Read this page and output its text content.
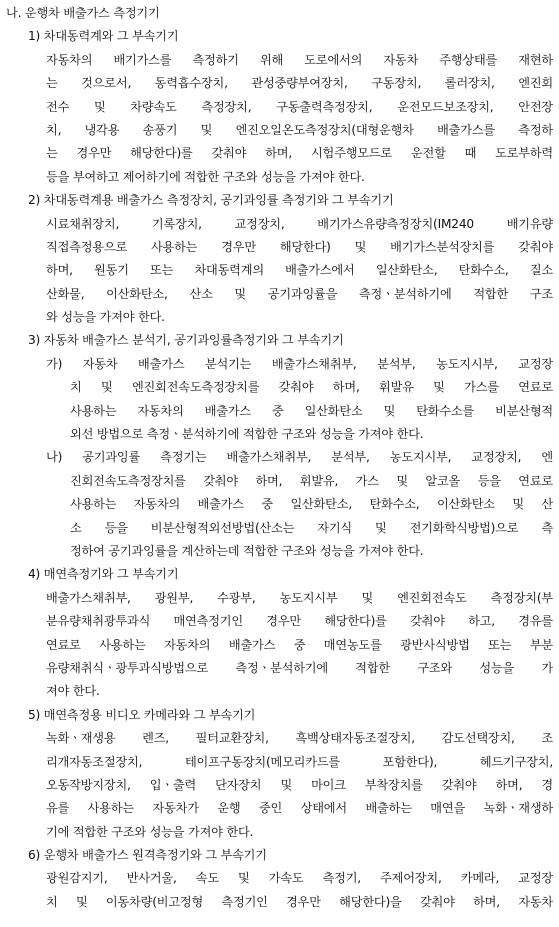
나. 운행차 배출가스 측정기기
1) 차대동력계와 그 부속기기
자동차의 배기가스를 측정하기 위해 도로에서의 자동차 주행상태를 재현하
는 것으로서, 동력흡수장치, 관성중량부여장치, 구동장치, 롤러장치, 엔진회
전수 및 차량속도 측정장치, 구동출력측정장치, 운전모드보조장치, 안전장
치, 냉각용 송풍기 및 엔진오일온도측정장치(대형운행차 배출가스를 측정하
는 경우만 해당한다)를 갖춰야 하며, 시험주행모드로 운전할 때 도로부하력
등을 부여하고 제어하기에 적합한 구조와 성능을 가져야 한다.
2) 차대동력계용 배출가스 측정장치, 공기과잉률 측정기와 그 부속기기
시료채취장치, 기록장치, 교정장치, 배기가스유량측정장치(IM240 배기유량
직접측정용으로 사용하는 경우만 해당한다) 및 배기가스분석장치를 갖춰야
하며, 원동기 또는 차대동력계의 배출가스에서 일산화탄소, 탄화수소, 질소
산화물, 이산화탄소, 산소 및 공기과잉률을 측정ㆍ분석하기에 적합한 구조
와 성능을 가져야 한다.
3) 자동차 배출가스 분석기, 공기과잉률측정기와 그 부속기기
가) 자동차 배출가스 분석기는 배출가스채취부, 분석부, 농도지시부, 교정장
치 및 엔진회전속도측정장치를 갖춰야 하며, 휘발유 및 가스를 연료로
사용하는 자동차의 배출가스 중 일산화탄소 및 탄화수소를 비분산형적
외선 방법으로 측정ㆍ분석하기에 적합한 구조와 성능을 가져야 한다.
나) 공기과잉률 측정기는 배출가스채취부, 분석부, 농도지시부, 교정장치, 엔
진회전속도측정장치를 갖춰야 하며, 휘발유, 가스 및 알코올 등을 연료로
사용하는 자동차의 배출가스 중 일산화탄소, 탄화수소, 이산화탄소 및 산
소 등을 비분산형적외선방법(산소는 자기식 및 전기화학식방법)으로 측
정하여 공기과잉률을 계산하는데 적합한 구조와 성능을 가져야 한다.
4) 매연측정기와 그 부속기기
배출가스채취부, 광원부, 수광부, 농도지시부 및 엔진회전속도 측정장치(부
분유량채취광투과식 매연측정기인 경우만 해당한다)를 갖춰야 하고, 경유를
연료로 사용하는 자동차의 배출가스 중 매연농도를 광반사식방법 또는 부분
유량채취식ㆍ광투과식방법으로 측정ㆍ분석하기에 적합한 구조와 성능을 가
져야 한다.
5) 매연측정용 비디오 카메라와 그 부속기기
녹화ㆍ재생용 렌즈, 필터교환장치, 흑백상태자동조절장치, 감도선택장치, 조
리개자동조절장치, 테이프구동장치(메모리카드를 포함한다), 헤드기구장치,
오동작방지장치, 입ㆍ출력 단자장치 및 마이크 부착장치를 갖춰야 하며, 경
유를 사용하는 자동차가 운행 중인 상태에서 배출하는 매연을 녹화ㆍ재생하
기에 적합한 구조와 성능을 가져야 한다.
6) 운행차 배출가스 원격측정기와 그 부속기기
광원감지기, 반사거울, 속도 및 가속도 측정기, 주제어장치, 카메라, 교정장
치 및 이동차량(비고정형 측정기인 경우만 해당한다)을 갖춰야 하며, 자동차
